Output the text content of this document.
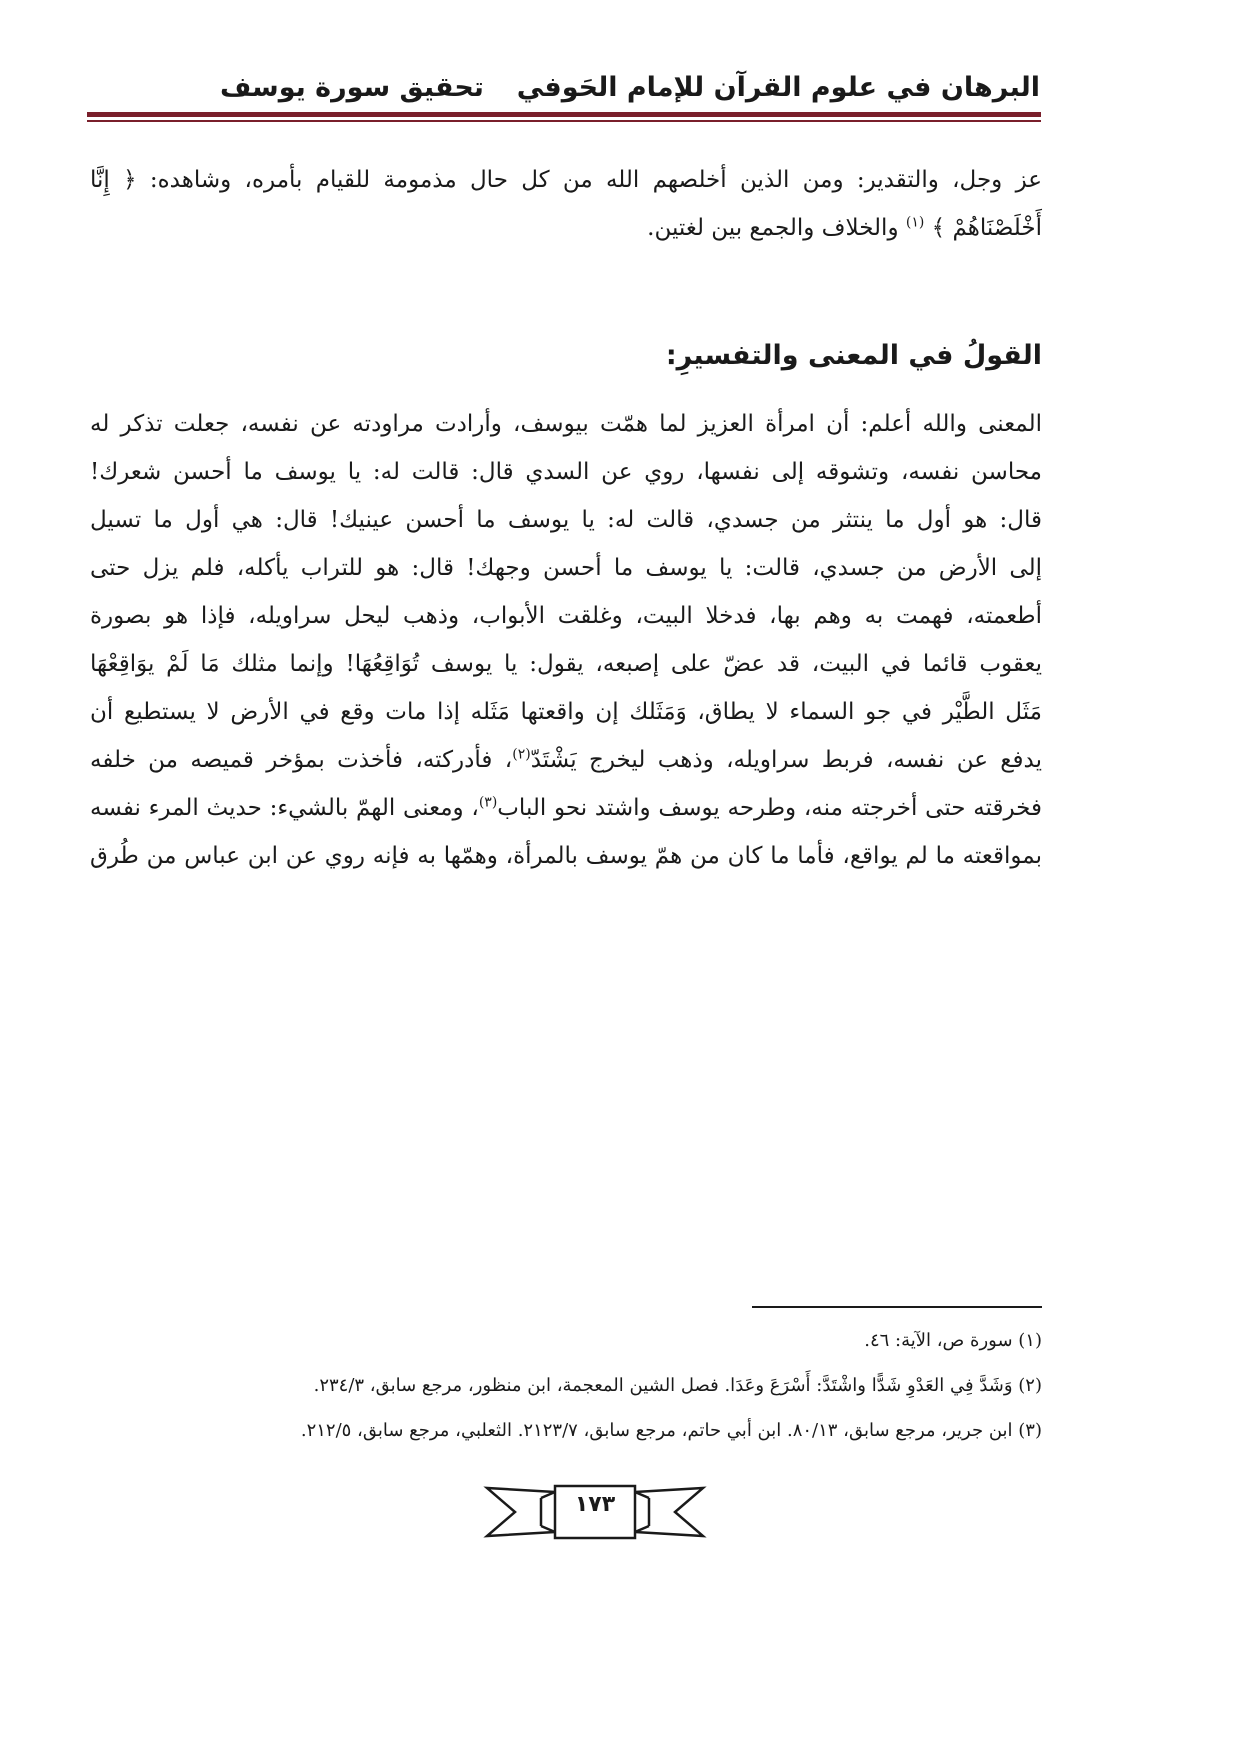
البرهان في علوم القرآن للإمام الحَوفي
تحقيق سورة يوسف
عز وجل، والتقدير: ومن الذين أخلصهم الله من كل حال مذمومة للقيام بأمره، وشاهده: ﴿ إِنَّا
أَخْلَصْنَاهُمْ ﴾ $^{(١)}$ والخلاف والجمع بين لغتين.
القولُ في المعنى والتفسيرِ:
المعنى والله أعلم: أن امرأة العزيز لما همّت بيوسف، وأرادت مراودته عن نفسه، جعلت تذكر له
محاسن نفسه، وتشوقه إلى نفسها، روي عن السدي قال: قالت له: يا يوسف ما أحسن شعرك!
قال: هو أول ما ينتثر من جسدي، قالت له: يا يوسف ما أحسن عينيك! قال: هي أول ما تسيل
إلى الأرض من جسدي، قالت: يا يوسف ما أحسن وجهك! قال: هو للتراب يأكله، فلم يزل حتى
أطعمته، فهمت به وهم بها، فدخلا البيت، وغلقت الأبواب، وذهب ليحل سراويله، فإذا هو بصورة
يعقوب قائما في البيت، قد عضّ على إصبعه، يقول: يا يوسف تُوَاقِعُهَا! وإنما مثلك مَا لَمْ يوَاقِعْهَا
مَثَل الطَّيْر في جو السماء لا يطاق، وَمَثَلك إن واقعتها مَثَله إذا مات وقع في الأرض لا يستطيع أن
يدفع عن نفسه، فربط سراويله، وذهب ليخرج يَشْتَدّ$^{(٢)}$، فأدركته، فأخذت بمؤخر قميصه من خلفه
فخرقته حتى أخرجته منه، وطرحه يوسف واشتد نحو الباب$^{(٣)}$، ومعنى الهمّ بالشيء: حديث المرء نفسه
بمواقعته ما لم يواقع، فأما ما كان من همّ يوسف بالمرأة، وهمّها به فإنه روي عن ابن عباس من طُرق
(١) سورة ص، الآية: ٤٦.
(٢) وَشَدَّ فِي العَدْوِ شَدًّا واشْتَدَّ: أَسْرَعَ وعَدَا. فصل الشين المعجمة، ابن منظور، مرجع سابق، ٢٣٤/٣.
(٣) ابن جرير، مرجع سابق، ٨٠/١٣. ابن أبي حاتم، مرجع سابق، ٢١٢٣/٧. الثعلبي، مرجع سابق، ٢١٢/٥.
١٧٣
